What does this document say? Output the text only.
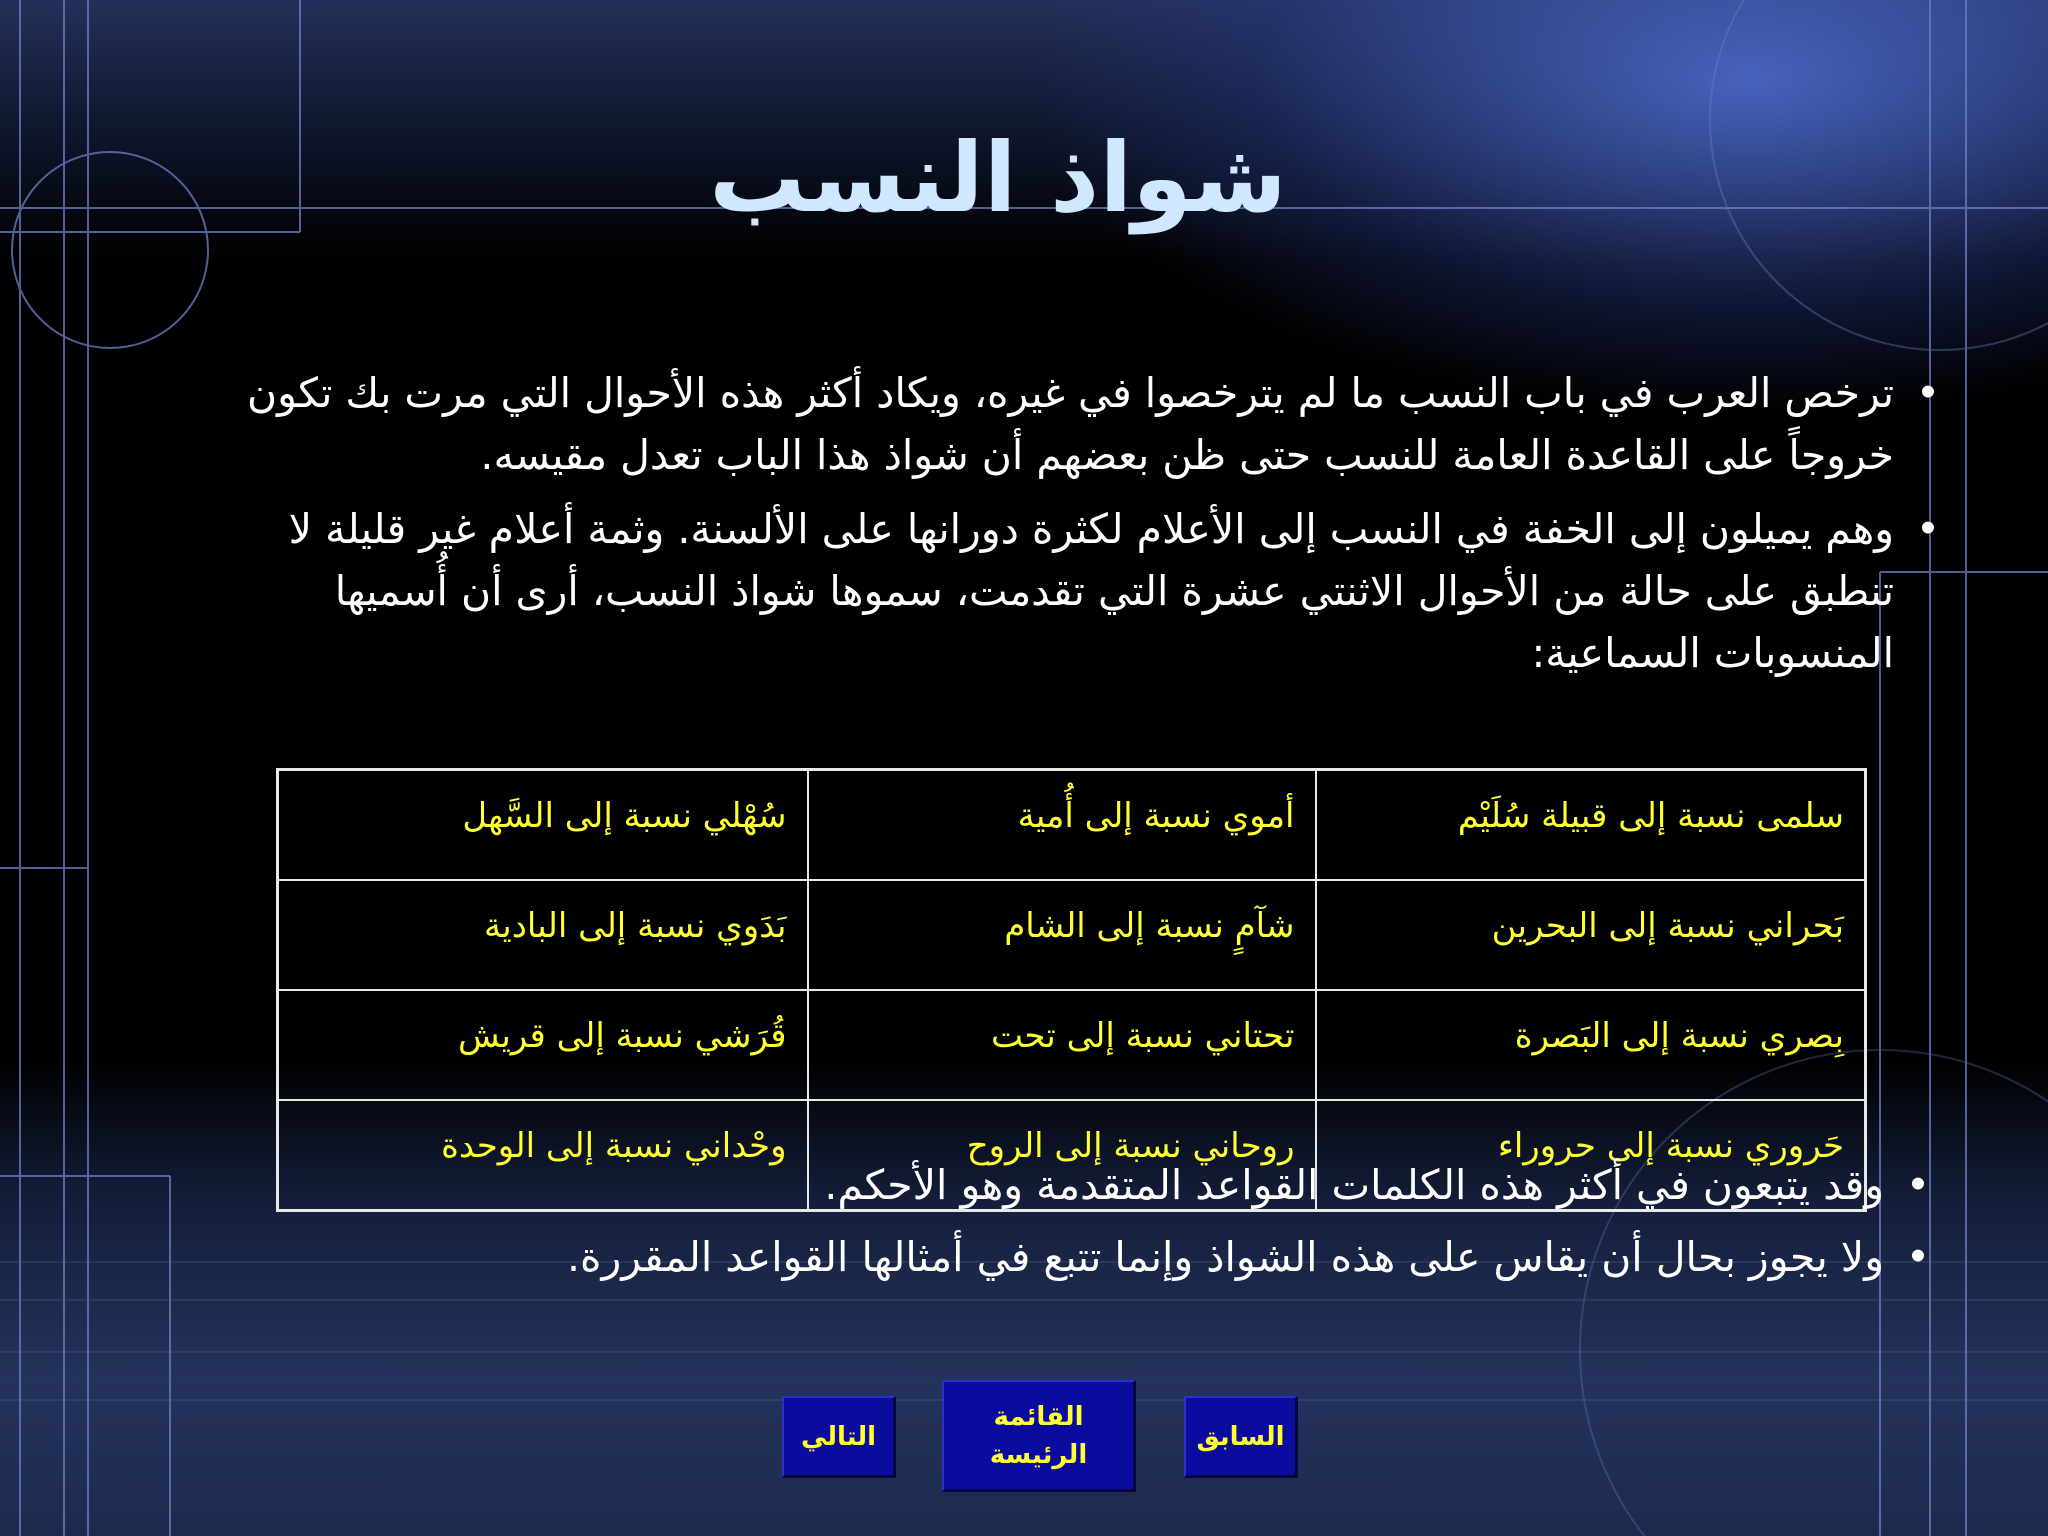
شواذ النسب
•
ترخص العرب في باب النسب ما لم يترخصوا في غيره، ويكاد أكثر هذه الأحوال التي مرت بك تكون خروجاً على القاعدة العامة للنسب حتى ظن بعضهم أن شواذ هذا الباب تعدل مقيسه.
•
وهم يميلون إلى الخفة في النسب إلى الأعلام لكثرة دورانها على الألسنة. وثمة أعلام غير قليلة لا تنطبق على حالة من الأحوال الاثنتي عشرة التي تقدمت، سموها شواذ النسب، أرى أن أُسميها المنسوبات السماعية:
سلمى نسبة إلى قبيلة سُلَيْم	أموي نسبة إلى أُمية	سُهْلي نسبة إلى السَّهل
بَحراني نسبة إلى البحرين	شآمٍ نسبة إلى الشام	بَدَوي نسبة إلى البادية
بِصري نسبة إلى البَصرة	تحتاني نسبة إلى تحت	قُرَشي نسبة إلى قريش
حَروري نسبة إلى حروراء	روحاني نسبة إلى الروح	وحْداني نسبة إلى الوحدة
•
وقد يتبعون في أكثر هذه الكلمات القواعد المتقدمة وهو الأحكم.
•
ولا يجوز بحال أن يقاس على هذه الشواذ وإنما تتبع في أمثالها القواعد المقررة.
السابق
القائمة
الرئيسة
التالي
